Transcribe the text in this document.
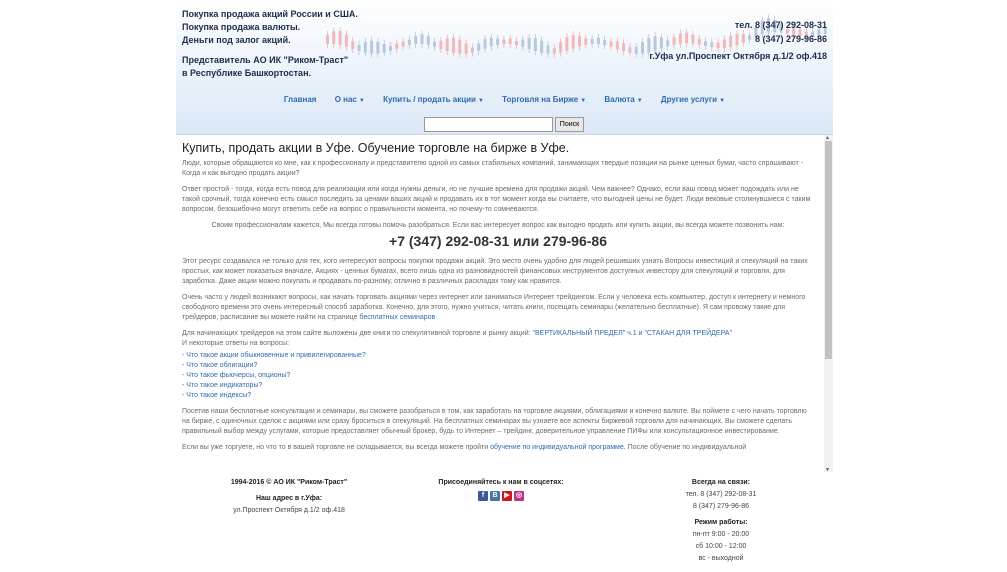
Покупка продажа акций России и США.
Покупка продажа валюты.
Деньги под залог акций.
Представитель АО ИК "Риком-Траст"
в Республике Башкортостан.
тел. 8 (347) 292-08-31
8 (347) 279-96-86
г.Уфа ул.Проспект Октября д.1/2 оф.418
Главная О нас ▼ Купить / продать акции ▼ Торговля на Бирже ▼ Валюта ▼ Другие услуги ▼
Поиск
Купить, продать акции в Уфе. Обучение торговле на бирже в Уфе.

Люди, которые обращаются ко мне, как к профессионалу и представителю одной из самых стабильных компаний, занимающих твердые позиции на рынке ценных бумаг, часто спрашивают - Когда и как выгодно продать акции?

Ответ простой - тогда, когда есть повод для реализации или когда нужны деньги, но не лучшие времена для продажи акций. Чем важнее? Однако, если ваш повод может подождать или не такой срочный, тогда конечно есть смысл последить за ценами ваших акций и продавать их в тот момент когда вы считаете, что выгодней цены не будет. Люди вековые столкнувшиеся с таким вопросом, безошибочно могут ответить себе на вопрос о правильности момента, но почему-то сомневаются.

Своим профессионалам кажется, Мы всегда готовы помочь разобраться. Если вас интересует вопрос как выгодно продать или купить акции, вы всегда можете позвонить нам:

+7 (347) 292-08-31 или 279-96-86

Этот ресурс создавался не только для тех, кого интересуют вопросы покупки продажи акций. Это место очень удобно для людей решивших узнать Вопросы инвестиций и спекуляций на таких простых, как может показаться вначале, Акциях - ценных бумагах, всего лишь одна из разновидностей финансовых инструментов доступных инвестору для спекуляций и торговли, для заработка. Даже акции можно покупать и продавать по-разному, отлично в различных раскладах тому как нравится.

Очень часто у людей возникают вопросы, как начать торговать акциями через интернет или заниматься Интернет трейдингом. Если у человека есть компьютер, доступ к интернету и немного свободного времени это очень интересный способ заработка. Конечно, для этого, нужно учиться, читать книги, посещать семинары (желательно бесплатные). Я сам провожу такие для трейдеров, расписание вы можете найти на странице бесплатных семинаров

Для начинающих трейдеров на этом сайте выложены две книги по спекулятивной торговле и рынку акций: "ВЕРТИКАЛЬНЫЙ ПРЕДЕЛ" ч.1 и "СТАКАН ДЛЯ ТРЕЙДЕРА"
И некоторые ответы на вопросы:

- Что такое акции обыкновенные и привилегированные?
- Что такое облигации?
- Что такое фьючерсы, опционы?
- Что такое индикаторы?
- Что такое индексы?

Посетив наши бесплатные консультации и семинары, вы сможете разобраться в том, как заработать на торговле акциями, облигациями и конечно валюте. Вы поймете с чего начать торговлю на бирже, с одиночных сделок с акциями или сразу броситься в спекуляций. На бесплатных семинарах вы узнаете все аспекты биржевой торговли для начинающих. Вы сможете сделать правильный выбор между услугами, которые предоставляет обычный брокер, будь то Интернет – трейдинг, доверительное управление ПИФы или консультационное инвестирование.

Если вы уже торгуете, но что то в вашей торговле не складывается, вы всегда можете пройти обучение по индивидуальной программе. После обучение по индивидуальной

▲
▼
1994-2016 © АО ИК "Риком-Траст"
Наш адрес в г.Уфа:
ул.Проспект Октября д.1/2 оф.418
Присоединяйтесь к нам в соцсетях:
f	B ▶ ◎
Всегда на связи:
тел. 8 (347) 292-08-31
8 (347) 279-96-86
Режим работы:
пн-пт 9:00 - 20:00
сб 10:00 - 12:00
вс - выходной
